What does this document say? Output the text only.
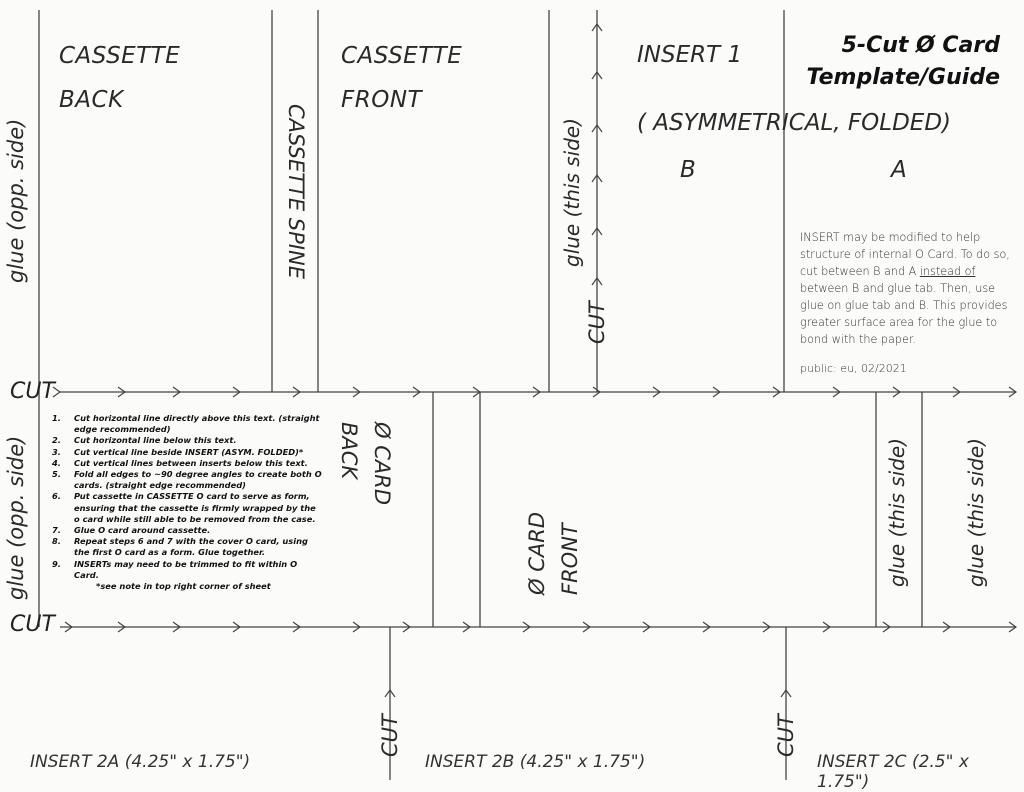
5-Cut Ø Card
Template/Guide
CASSETTE
BACK
CASSETTE
FRONT
INSERT 1
( ASYMMETRICAL, FOLDED)
B	A
CASSETTE SPINE
glue (opp. side)	glue (this side)
CUT
INSERT may be modified to help structure of internal O Card. To do so, cut between B and A instead of between B and glue tab. Then, use glue on glue tab and B. This provides greater surface area for the glue to bond with the paper.
public: eu, 02/2021
CUT
CUT
glue (opp. side)
1. Cut horizontal line directly above this text. (straight edge recommended)
2. Cut horizontal line below this text.
3. Cut vertical line beside INSERT (ASYM. FOLDED)*
4. Cut vertical lines between inserts below this text.
5. Fold all edges to ~90 degree angles to create both O cards. (straight edge recommended)
6. Put cassette in CASSETTE O card to serve as form, ensuring that the cassette is firmly wrapped by the o card while still able to be removed from the case.
7. Glue O card around cassette.
8. Repeat steps 6 and 7 with the cover O card, using the first O card as a form. Glue together.
9. INSERTs may need to be trimmed to fit within O Card.
*see note in top right corner of sheet
Ø CARD
BACK
Ø CARD FRONT	glue (this side)	glue (this side)
CUT	CUT
INSERT 2A (4.25" x 1.75")	INSERT 2B (4.25" x 1.75")	INSERT 2C (2.5" x 1.75")
